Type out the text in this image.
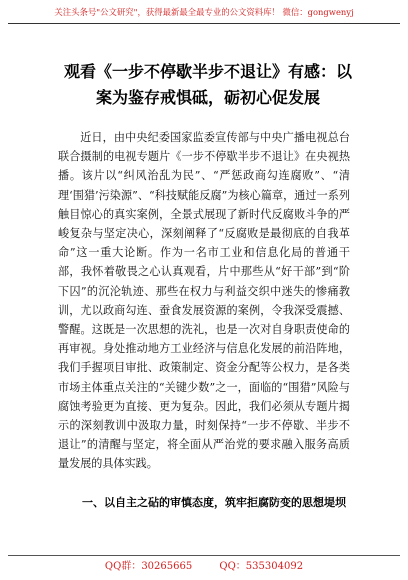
关注头条号"公文研究"，获得最新最全最专业的公文资料库！ 微信：gongwenyj
观看《一步不停歇半步不退让》有感：以案为鉴存戒惧砥，砺初心促发展

近日，由中央纪委国家监委宣传部与中央广播电视总台联合摄制的电视专题片《一步不停歇半步不退让》在央视热播。该片以“纠风治乱为民”、“严惩政商勾连腐败”、“清理‘围猎’污染源”、“科技赋能反腐”为核心篇章，通过一系列触目惊心的真实案例，全景式展现了新时代反腐败斗争的严峻复杂与坚定决心，深刻阐释了“反腐败是最彻底的自我革命”这一重大论断。作为一名市工业和信息化局的普通干部，我怀着敬畏之心认真观看，片中那些从“好干部”到“阶下囚”的沉沦轨迹、那些在权力与利益交织中迷失的惨痛教训，尤以政商勾连、蚕食发展资源的案例，令我深受震撼、警醒。这既是一次思想的洗礼，也是一次对自身职责使命的再审视。身处推动地方工业经济与信息化发展的前沿阵地，我们手握项目审批、政策制定、资金分配等公权力，是各类市场主体重点关注的“关键少数”之一，面临的“围猎”风险与腐蚀考验更为直接、更为复杂。因此，我们必须从专题片揭示的深刻教训中汲取力量，时刻保持“一步不停歇、半步不退让”的清醒与坚定，将全面从严治党的要求融入服务高质量发展的具体实践。

一、以自主之砧的审慎态度，筑牢拒腐防变的思想堤坝
QQ群：30265665	QQ：535304092
